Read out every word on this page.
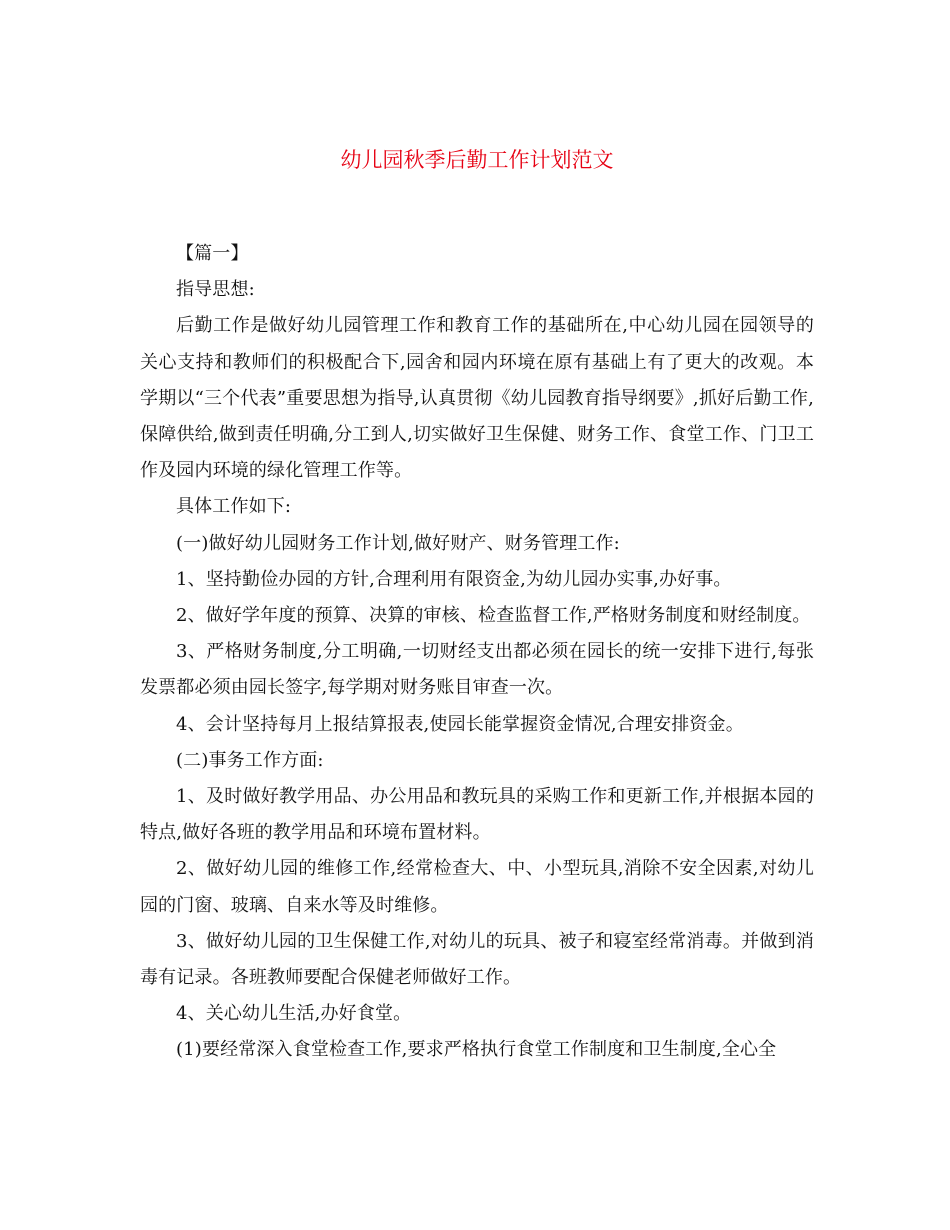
幼儿园秋季后勤工作计划范文

【篇一】

指导思想:

后勤工作是做好幼儿园管理工作和教育工作的基础所在,中心幼儿园在园领导的关心支持和教师们的积极配合下,园舍和园内环境在原有基础上有了更大的改观。本学期以“三个代表”重要思想为指导,认真贯彻《幼儿园教育指导纲要》,抓好后勤工作,保障供给,做到责任明确,分工到人,切实做好卫生保健、财务工作、食堂工作、门卫工作及园内环境的绿化管理工作等。

具体工作如下:

(一)做好幼儿园财务工作计划,做好财产、财务管理工作:

1、坚持勤俭办园的方针,合理利用有限资金,为幼儿园办实事,办好事。

2、做好学年度的预算、决算的审核、检查监督工作,严格财务制度和财经制度。

3、严格财务制度,分工明确,一切财经支出都必须在园长的统一安排下进行,每张发票都必须由园长签字,每学期对财务账目审查一次。

4、会计坚持每月上报结算报表,使园长能掌握资金情况,合理安排资金。

(二)事务工作方面:

1、及时做好教学用品、办公用品和教玩具的采购工作和更新工作,并根据本园的特点,做好各班的教学用品和环境布置材料。

2、做好幼儿园的维修工作,经常检查大、中、小型玩具,消除不安全因素,对幼儿园的门窗、玻璃、自来水等及时维修。

3、做好幼儿园的卫生保健工作,对幼儿的玩具、被子和寝室经常消毒。并做到消毒有记录。各班教师要配合保健老师做好工作。

4、关心幼儿生活,办好食堂。

(1)要经常深入食堂检查工作,要求严格执行食堂工作制度和卫生制度,全心全
